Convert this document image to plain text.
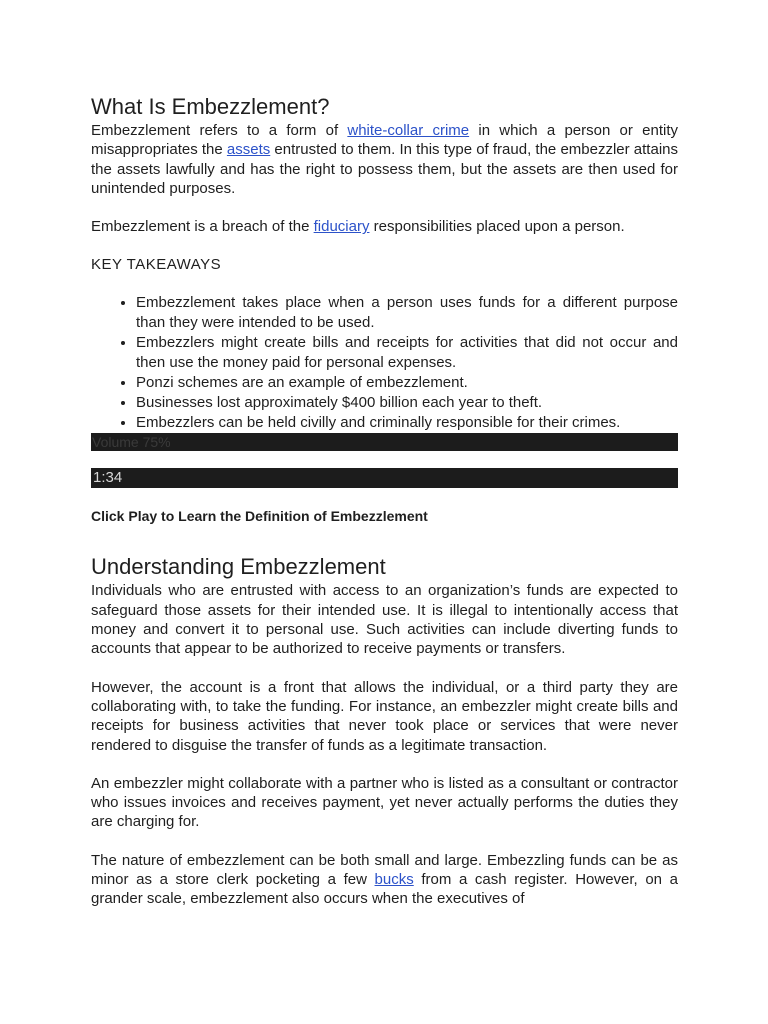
What Is Embezzlement?

Embezzlement refers to a form of white-collar crime in which a person or entity misappropriates the assets entrusted to them. In this type of fraud, the embezzler attains the assets lawfully and has the right to possess them, but the assets are then used for unintended purposes.

Embezzlement is a breach of the fiduciary responsibilities placed upon a person.

KEY TAKEAWAYS
• Embezzlement takes place when a person uses funds for a different purpose than they were intended to be used.
• Embezzlers might create bills and receipts for activities that did not occur and then use the money paid for personal expenses.
• Ponzi schemes are an example of embezzlement.
• Businesses lost approximately $400 billion each year to theft.
• Embezzlers can be held civilly and criminally responsible for their crimes.
Volume 75%
1:34
Click Play to Learn the Definition of Embezzlement
Understanding Embezzlement

Individuals who are entrusted with access to an organization’s funds are expected to safeguard those assets for their intended use. It is illegal to intentionally access that money and convert it to personal use. Such activities can include diverting funds to accounts that appear to be authorized to receive payments or transfers.

However, the account is a front that allows the individual, or a third party they are collaborating with, to take the funding. For instance, an embezzler might create bills and receipts for business activities that never took place or services that were never rendered to disguise the transfer of funds as a legitimate transaction.

An embezzler might collaborate with a partner who is listed as a consultant or contractor who issues invoices and receives payment, yet never actually performs the duties they are charging for.

The nature of embezzlement can be both small and large. Embezzling funds can be as minor as a store clerk pocketing a few bucks from a cash register. However, on a grander scale, embezzlement also occurs when the executives of
